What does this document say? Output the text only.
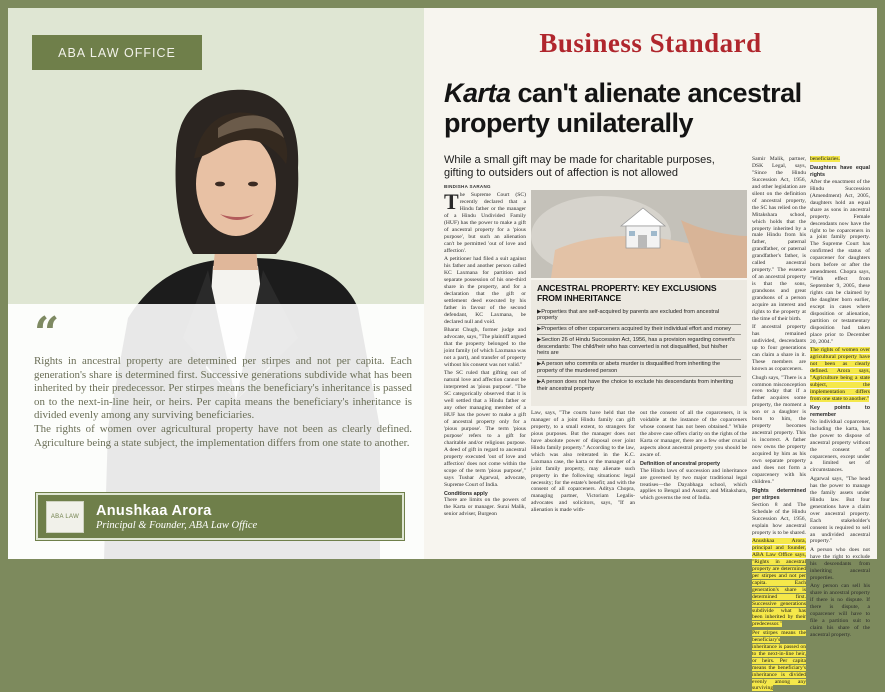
ABA LAW OFFICE
“

Rights in ancestral property are determined per stirpes and not per capita. Each generation's share is determined first. Successive generations subdivide what has been inherited by their predecessor. Per stirpes means the beneficiary's inheritance is passed on to the next-in-line heir, or heirs. Per capita means the beneficiary's inheritance is divided evenly among any surviving beneficiaries.

The rights of women over agricultural property have not been as clearly defined. Agriculture being a state subject, the implementation differs from one state to another.

ABA LAW	Anushkaa Arora
Principal & Founder, ABA Law Office
Business Standard
Karta can't alienate ancestral property unilaterally
While a small gift may be made for charitable purposes, gifting to outsiders out of affection is not allowed
BINDISHA SARANG

The Supreme Court (SC) recently declared that a Hindu father or the manager of a Hindu Undivided Family (HUF) has the power to make a gift of ancestral property for a 'pious purpose', but such an alienation can't be permitted 'out of love and affection'.

A petitioner had filed a suit against his father and another person called KC Laxmana for partition and separate possession of his one-third share in the property, and for a declaration that the gift or settlement deed executed by his father in favour of the second defendant, KC Laxmana, be declared null and void.

Bharat Chugh, former judge and advocate, says, "The plaintiff argued that the property belonged to the joint family (of which Laxmana was not a part), and transfer of property without his consent was not valid."

The SC ruled that gifting out of natural love and affection cannot be interpreted as 'pious purpose'. "The SC categorically observed that it is well settled that a Hindu father or any other managing member of a HUF has the power to make a gift of ancestral property only for a 'pious purpose'. The term 'pious purpose' refers to a gift for charitable and/or religious purpose. A deed of gift in regard to ancestral property executed 'out of love and affection' does not come within the scope of the term 'pious purpose'," says Tushar Agarwal, advocate, Supreme Court of India.

Conditions apply

There are limits on the powers of the Karta or manager. Surai Malik, senior adviser, Burgeon

ANCESTRAL PROPERTY: KEY EXCLUSIONS FROM INHERITANCE
▶Properties that are self-acquired by parents are excluded from ancestral property
▶Properties of other coparceners acquired by their individual effort and money
▶Section 26 of Hindu Succession Act, 1956, has a provision regarding convert's descendants: The child/heir who has converted is not disqualified, but his/her heirs are
▶A person who commits or abets murder is disqualified from inheriting the property of the murdered person
▶A person does not have the choice to exclude his descendants from inheriting their ancestral property

Law, says, "The courts have held that the manager of a joint Hindu family can gift property, to a small extent, to strangers for pious purposes. But the manager does not have absolute power of disposal over joint Hindu family property." According to the law, which was also reiterated in the K.C. Laxmana case, the karta or the manager of a joint family property, may alienate such property in the following situations: legal necessity; for the estate's benefit; and with the consent of all coparceners. Aditya Chopra, managing partner, Victoriam Legalis-advocates and solicitors, says, "If an alienation is made with-

out the consent of all the coparceners, it is voidable at the instance of the coparceners whose consent has not been obtained." While the above case offers clarity on the rights of the Karta or manager, there are a few other crucial aspects about ancestral property you should be aware of.

Definition of ancestral property

The Hindu laws of succession and inheritance are governed by two major traditional legal treatises—the Dayabhaga school, which applies to Bengal and Assam; and Mitakshara, which governs the rest of India.

Samir Malik, partner, DSK Legal, says, "Since the Hindu Succession Act, 1956, and other legislation are silent on the definition of ancestral property, the SC has relied on the Mitakshara school, which holds that the property inherited by a male Hindu from his father, paternal grandfather, or paternal grandfather's father, is called ancestral property." The essence of an ancestral property is that the sons, grandsons and great grandsons of a person acquire an interest and rights to the property at the time of their birth.

If ancestral property has remained undivided, descendants up to four generations can claim a share in it. These members are known as coparceners.

Chugh says, "There is a common misconception even today that if a father acquires some property, the moment a son or a daughter is born to him, the property becomes ancestral property. This is incorrect. A father now owns the property acquired by him as his own separate property and does not form a coparcenery with his children."

Rights determined per stirpes

Section 8 and The Schedule of the Hindu Succession Act, 1956, explain how ancestral property is to be shared.

Anushkaa Arora, principal and founder, ABA Law Office says, "Rights in ancestral property are determined per stirpes and not per capita. Each generation's share is determined first. Successive generations subdivide what has been inherited by their predecessor."

Per stirpes means the beneficiary's inheritance is passed on to the next-in-line heir, or heirs. Per capita means the beneficiary's inheritance is divided evenly among any surviving

beneficiaries.

Daughters have equal rights

After the enactment of the Hindu Succession (Amendment) Act, 2005, daughters hold an equal share as sons in ancestral property. Female descendants now have the right to be coparceners in a joint family property. The Supreme Court has confirmed the status of coparcener for daughters born before or after the amendment. Chopra says, "With effect from September 9, 2005, these rights can be claimed by the daughter born earlier, except in cases where disposition or alienation, partition or testamentary disposition had taken place prior to December 20, 2004."

The rights of women over agricultural property have not been as clearly defined. Arora says, "Agriculture being a state subject, the implementation differs from one state to another."

Key points to remember

No individual coparcener, including the karta, has the power to dispose of ancestral property without the consent of coparceners, except under a limited set of circumstances.

Agarwal says, "The head has the power to manage the family assets under Hindu law. But four generations have a claim over ancestral property. Each stakeholder's consent is required to sell an undivided ancestral property."

A person who does not have the right to exclude his descendants from inheriting ancestral properties.

Any person can sell his share in ancestral property if there is no dispute. If there is dispute, a coparcener will have to file a partition suit to claim his share of the ancestral property.
